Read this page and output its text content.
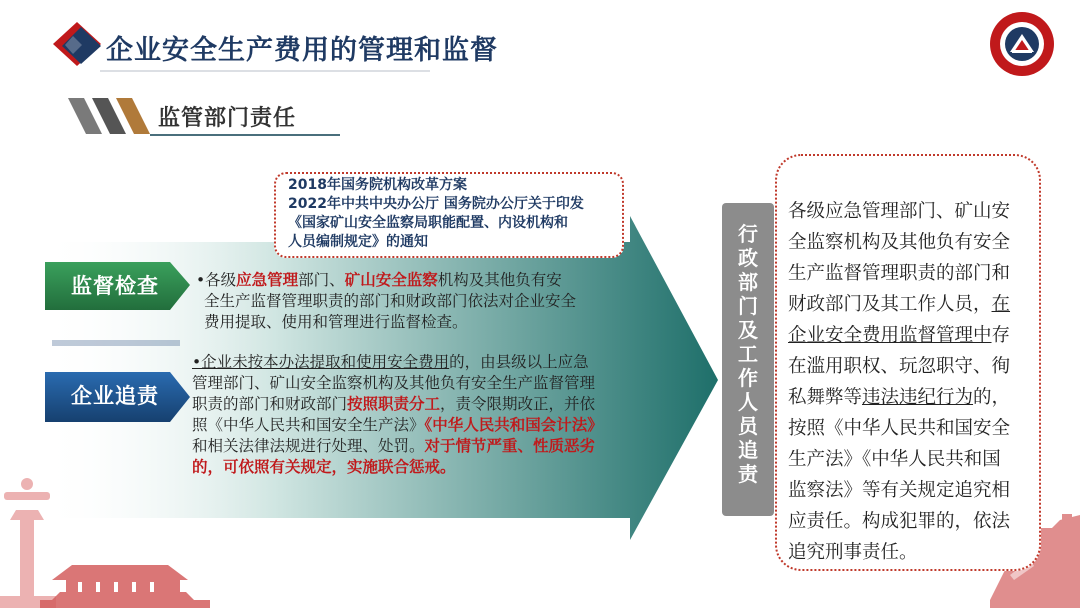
企业安全生产费用的管理和监督
监管部门责任
2018年国务院机构改革方案
2022年中共中央办公厅 国务院办公厅关于印发
《国家矿山安全监察局职能配置、内设机构和
人员编制规定》的通知
监督检查
企业追责
•各级应急管理部门、矿山安全监察机构及其他负有安
全生产监督管理职责的部门和财政部门依法对企业安全
费用提取、使用和管理进行监督检查。
•企业未按本办法提取和使用安全费用的，由县级以上应急
管理部门、矿山安全监察机构及其他负有安全生产监督管理
职责的部门和财政部门按照职责分工，责令限期改正，并依
照《中华人民共和国安全生产法》《中华人民共和国会计法》
和相关法律法规进行处理、处罚。对于情节严重、性质恶劣
的，可依照有关规定，实施联合惩戒。
行
政
部
门
及
工
作
人
员
追
责
各级应急管理部门、矿山安
全监察机构及其他负有安全
生产监督管理职责的部门和
财政部门及其工作人员，在
企业安全费用监督管理中存
在滥用职权、玩忽职守、徇
私舞弊等违法违纪行为的，
按照《中华人民共和国安全
生产法》《中华人民共和国
监察法》等有关规定追究相
应责任。构成犯罪的，依法
追究刑事责任。
